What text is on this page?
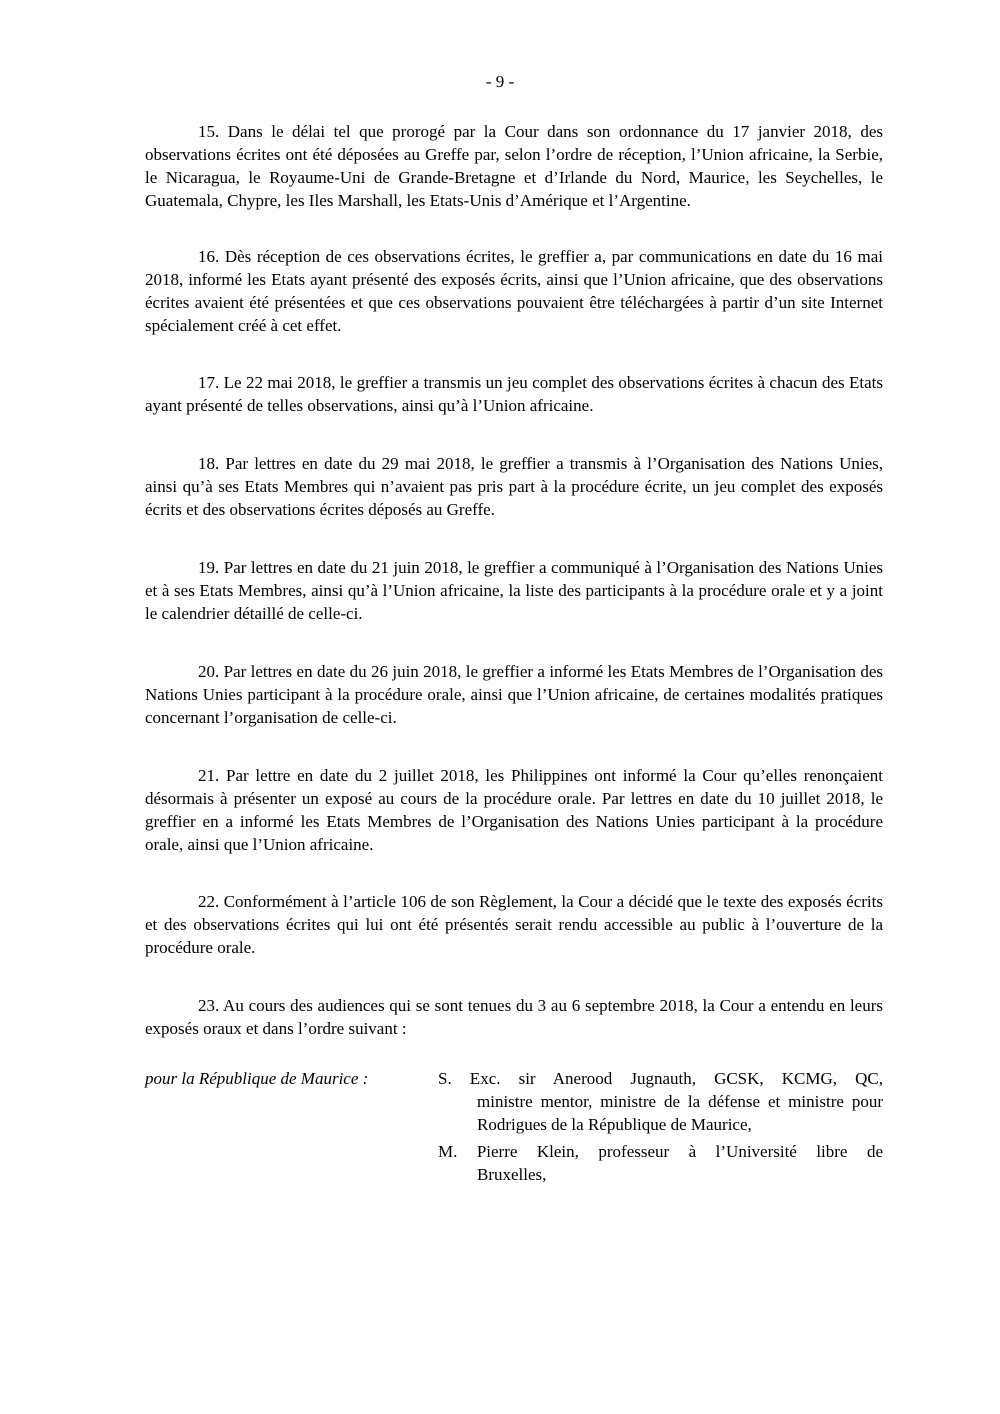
- 9 -

15. Dans le délai tel que prorogé par la Cour dans son ordonnance du 17 janvier 2018, des observations écrites ont été déposées au Greffe par, selon l’ordre de réception, l’Union africaine, la Serbie, le Nicaragua, le Royaume-Uni de Grande-Bretagne et d’Irlande du Nord, Maurice, les Seychelles, le Guatemala, Chypre, les Iles Marshall, les Etats-Unis d’Amérique et l’Argentine.

16. Dès réception de ces observations écrites, le greffier a, par communications en date du 16 mai 2018, informé les Etats ayant présenté des exposés écrits, ainsi que l’Union africaine, que des observations écrites avaient été présentées et que ces observations pouvaient être téléchargées à partir d’un site Internet spécialement créé à cet effet.

17. Le 22 mai 2018, le greffier a transmis un jeu complet des observations écrites à chacun des Etats ayant présenté de telles observations, ainsi qu’à l’Union africaine.

18. Par lettres en date du 29 mai 2018, le greffier a transmis à l’Organisation des Nations Unies, ainsi qu’à ses Etats Membres qui n’avaient pas pris part à la procédure écrite, un jeu complet des exposés écrits et des observations écrites déposés au Greffe.

19. Par lettres en date du 21 juin 2018, le greffier a communiqué à l’Organisation des Nations Unies et à ses Etats Membres, ainsi qu’à l’Union africaine, la liste des participants à la procédure orale et y a joint le calendrier détaillé de celle-ci.

20. Par lettres en date du 26 juin 2018, le greffier a informé les Etats Membres de l’Organisation des Nations Unies participant à la procédure orale, ainsi que l’Union africaine, de certaines modalités pratiques concernant l’organisation de celle-ci.

21. Par lettre en date du 2 juillet 2018, les Philippines ont informé la Cour qu’elles renonçaient désormais à présenter un exposé au cours de la procédure orale. Par lettres en date du 10 juillet 2018, le greffier en a informé les Etats Membres de l’Organisation des Nations Unies participant à la procédure orale, ainsi que l’Union africaine.

22. Conformément à l’article 106 de son Règlement, la Cour a décidé que le texte des exposés écrits et des observations écrites qui lui ont été présentés serait rendu accessible au public à l’ouverture de la procédure orale.

23. Au cours des audiences qui se sont tenues du 3 au 6 septembre 2018, la Cour a entendu en leurs exposés oraux et dans l’ordre suivant :

pour la République de Maurice :	S. Exc. sir Anerood Jugnauth, GCSK, KCMG, QC,
ministre mentor, ministre de la défense et ministre pour Rodrigues de la République de Maurice,
M. Pierre Klein, professeur à l’Université libre de
Bruxelles,
